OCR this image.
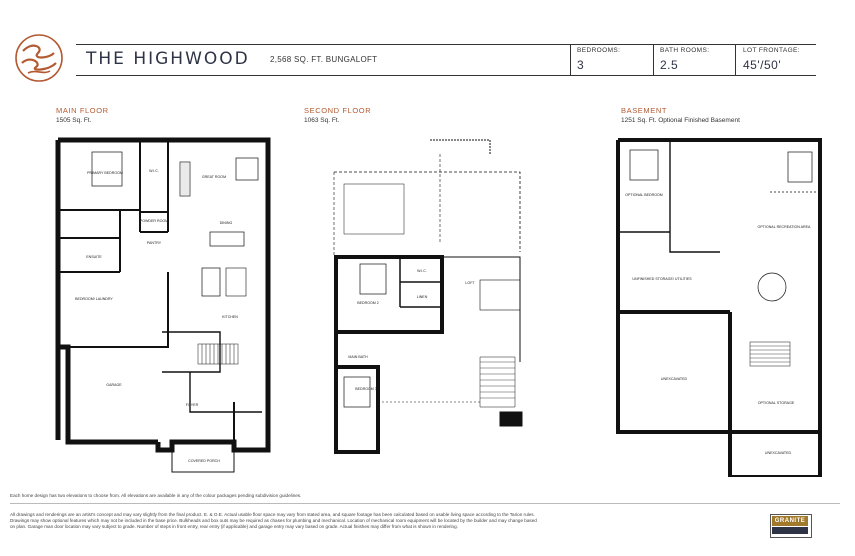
THE HIGHWOOD	2,568 SQ. FT. BUNGALOFT
BEDROOMS:
3
BATH ROOMS:
2.5
LOT FRONTAGE:
45'/50'
MAIN FLOOR
1505 Sq. Ft.
SECOND FLOOR
1063 Sq. Ft.
BASEMENT
1251 Sq. Ft. Optional Finished Basement
PRIMARY BEDROOM	W.I.C.
GREAT ROOM
POWDER ROOM
PANTRY
DINING
ENSUITE
BEDROOM/ LAUNDRY
KITCHEN
GARAGE
FOYER
COVERED PORCH
BEDROOM 2
W.I.C.
LINEN
LOFT
MAIN BATH
BEDROOM 3
OPTIONAL BEDROOM
OPTIONAL RECREATION AREA
UNFINISHED STORAGE/ UTILITIES
UNEXCAVATED
OPTIONAL STORAGE
UNEXCAVATED
Each home design has two elevations to choose from. All elevations are available in any of the colour packages pending subdivision guidelines.
All drawings and renderings are an artist's concept and may vary slightly from the final product. E. & O.E. Actual usable floor space may vary from stated area, and square footage has been calculated based on usable living space according to the Tarion rules. Drawings may show optional features which may not be included in the base price. Bulkheads and box outs may be required as chases for plumbing and mechanical. Location of mechanical room equipment will be located by the builder and may change based on plan. Garage man door location may vary subject to grade. Number of steps in front entry, rear entry (if applicable) and garage entry may vary based on grade. Actual finishes may differ from what is shown in rendering.
GRANITE
